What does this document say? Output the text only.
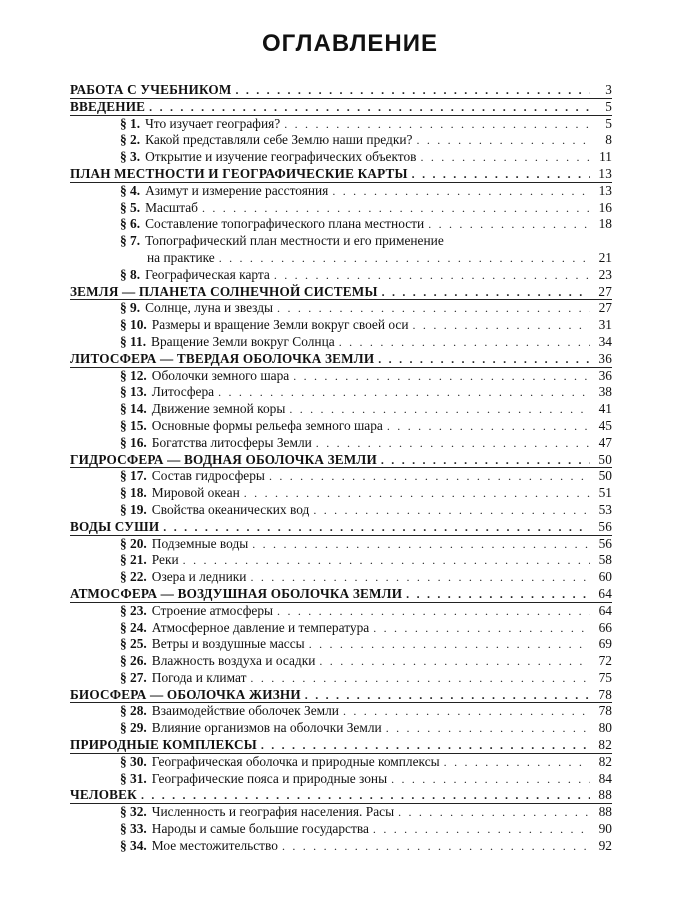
ОГЛАВЛЕНИЕ
РАБОТА С УЧЕБНИКОМ . . .	3
ВВЕДЕНИЕ . . .	5
§ 1. Что изучает география? . . .	5
§ 2. Какой представляли себе Землю наши предки? . . .	8
§ 3. Открытие и изучение географических объектов . . .	11
ПЛАН МЕСТНОСТИ И ГЕОГРАФИЧЕСКИЕ КАРТЫ . . .	13
§ 4. Азимут и измерение расстояния . . .	13
§ 5. Масштаб . . .	16
§ 6. Составление топографического плана местности . . .	18
§ 7. Топографический план местности и его применение
на практике . . .	21
§ 8. Географическая карта . . .	23
ЗЕМЛЯ — ПЛАНЕТА СОЛНЕЧНОЙ СИСТЕМЫ . . .	27
§ 9. Солнце, луна и звезды . . .	27
§ 10. Размеры и вращение Земли вокруг своей оси . . .	31
§ 11. Вращение Земли вокруг Солнца . . .	34
ЛИТОСФЕРА — ТВЕРДАЯ ОБОЛОЧКА ЗЕМЛИ . . .	36
§ 12. Оболочки земного шара . . .	36
§ 13. Литосфера . . .	38
§ 14. Движение земной коры . . .	41
§ 15. Основные формы рельефа земного шара . . .	45
§ 16. Богатства литосферы Земли . . .	47
ГИДРОСФЕРА — ВОДНАЯ ОБОЛОЧКА ЗЕМЛИ . . .	50
§ 17. Состав гидросферы . . .	50
§ 18. Мировой океан . . .	51
§ 19. Свойства океанических вод . . .	53
ВОДЫ СУШИ . . .	56
§ 20. Подземные воды . . .	56
§ 21. Реки . . .	58
§ 22. Озера и ледники . . .	60
АТМОСФЕРА — ВОЗДУШНАЯ ОБОЛОЧКА ЗЕМЛИ . . .	64
§ 23. Строение атмосферы . . .	64
§ 24. Атмосферное давление и температура . . .	66
§ 25. Ветры и воздушные массы . . .	69
§ 26. Влажность воздуха и осадки . . .	72
§ 27. Погода и климат . . .	75
БИОСФЕРА — ОБОЛОЧКА ЖИЗНИ . . .	78
§ 28. Взаимодействие оболочек Земли . . .	78
§ 29. Влияние организмов на оболочки Земли . . .	80
ПРИРОДНЫЕ КОМПЛЕКСЫ . . .	82
§ 30. Географическая оболочка и природные комплексы . . .	82
§ 31. Географические пояса и природные зоны . . .	84
ЧЕЛОВЕК . . .	88
§ 32. Численность и география населения. Расы . . .	88
§ 33. Народы и самые большие государства . . .	90
§ 34. Мое местожительство . . .	92
